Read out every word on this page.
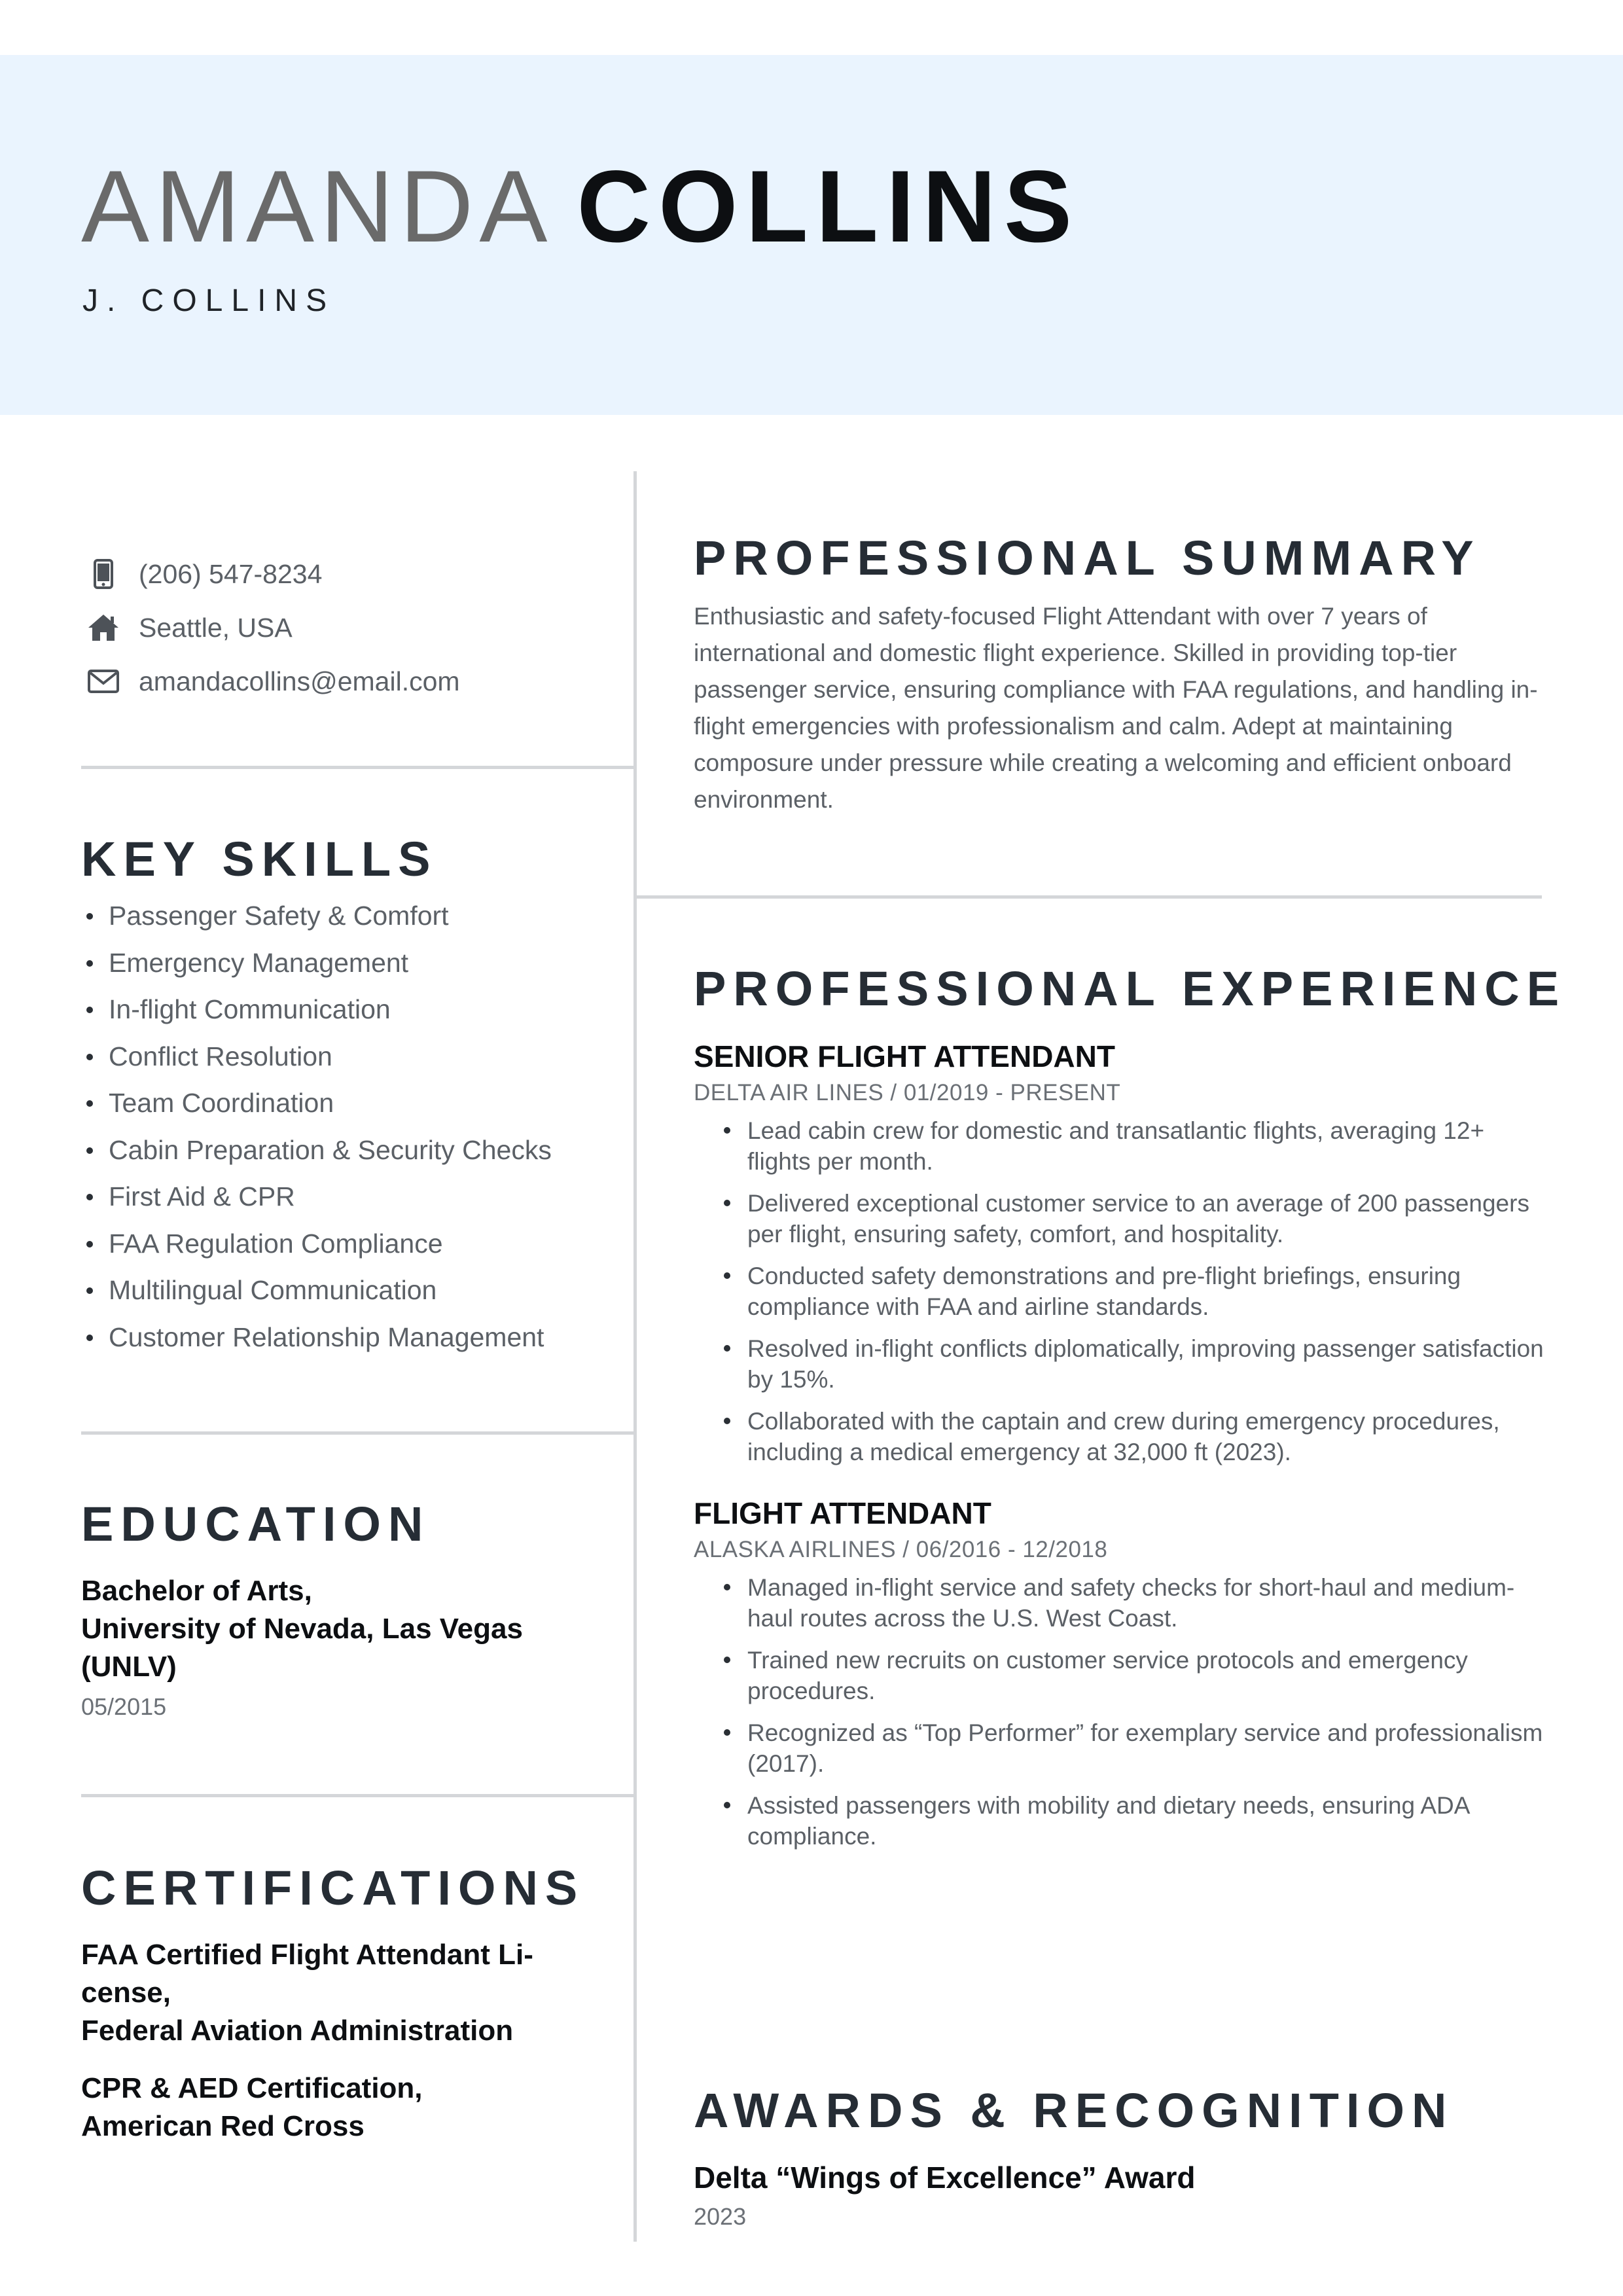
AMANDA COLLINS
J. COLLINS
(206) 547-8234
Seattle, USA
amandacollins@email.com
KEY SKILLS
Passenger Safety & Comfort
Emergency Management
In-flight Communication
Conflict Resolution
Team Coordination
Cabin Preparation & Security Checks
First Aid & CPR
FAA Regulation Compliance
Multilingual Communication
Customer Relationship Management
EDUCATION
Bachelor of Arts,
University of Nevada, Las Vegas
(UNLV)
05/2015
CERTIFICATIONS
FAA Certified Flight Attendant Li-
cense,
Federal Aviation Administration
CPR & AED Certification,
American Red Cross
PROFESSIONAL SUMMARY
Enthusiastic and safety-focused Flight Attendant with over 7 years of international and domestic flight experience. Skilled in providing top-tier passenger service, ensuring compliance with FAA regulations, and handling in-flight emergencies with professionalism and calm. Adept at maintaining composure under pressure while creating a welcoming and efficient onboard environment.
PROFESSIONAL EXPERIENCE
SENIOR FLIGHT ATTENDANT
DELTA AIR LINES / 01/2019 - PRESENT
Lead cabin crew for domestic and transatlantic flights, averaging 12+ flights per month.
Delivered exceptional customer service to an average of 200 passengers per flight, ensuring safety, comfort, and hospitality.
Conducted safety demonstrations and pre-flight briefings, ensuring compliance with FAA and airline standards.
Resolved in-flight conflicts diplomatically, improving passenger satisfaction by 15%.
Collaborated with the captain and crew during emergency procedures, including a medical emergency at 32,000 ft (2023).
FLIGHT ATTENDANT
ALASKA AIRLINES / 06/2016 - 12/2018
Managed in-flight service and safety checks for short-haul and medium-haul routes across the U.S. West Coast.
Trained new recruits on customer service protocols and emergency procedures.
Recognized as “Top Performer” for exemplary service and professionalism (2017).
Assisted passengers with mobility and dietary needs, ensuring ADA compliance.
AWARDS & RECOGNITION
Delta “Wings of Excellence” Award
2023
